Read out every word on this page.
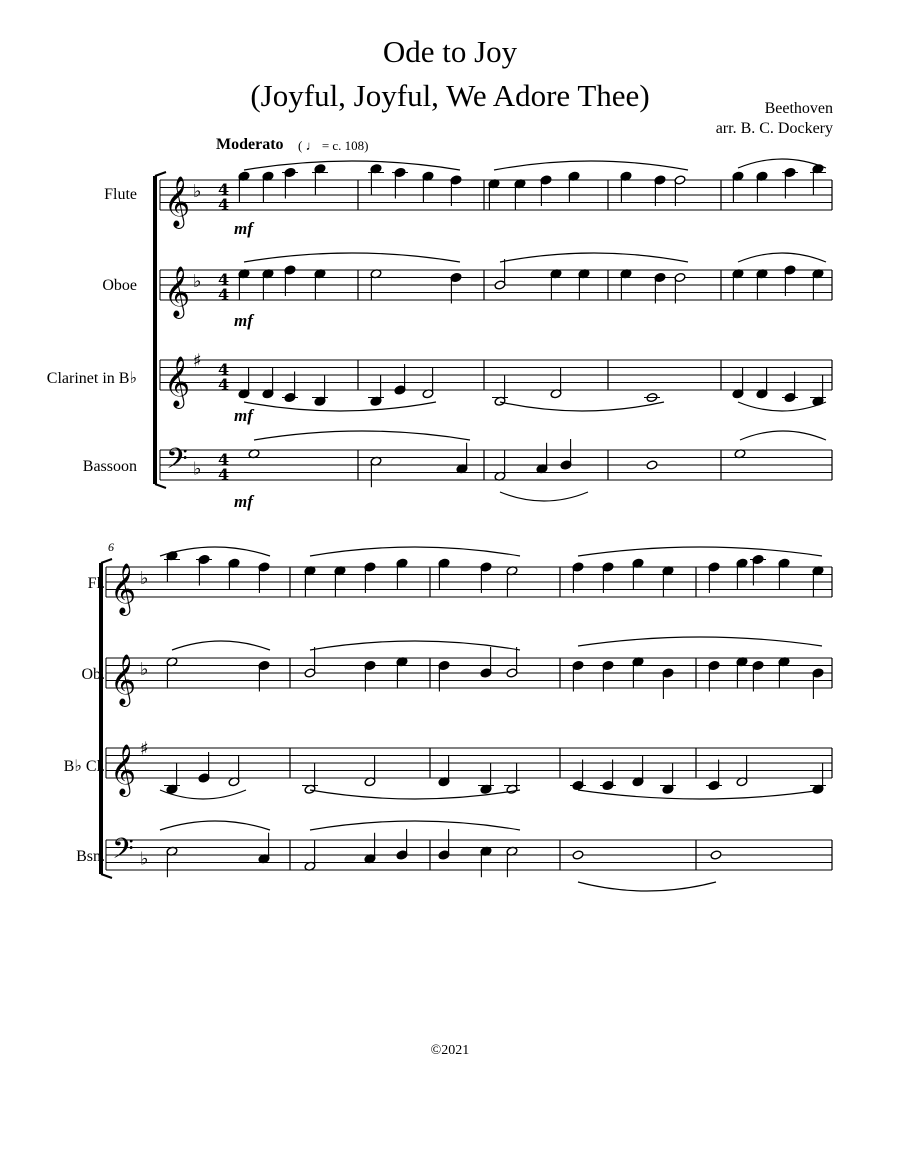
Ode to Joy
(Joyful, Joyful, We Adore Thee)	Beethoven
arr. B. C. Dockery
Moderato ( ♩ = c. 108)
Flute
Oboe
Clarinet in B♭
Bassoon
mf
mf
mf
mf
6
Fl.
Ob.
B♭ Cl.
Bsn.
©2021
𝄞 4
4
𝄞 4
4
𝄞 4
4
𝄢 4
4
♭
♭
♯
♭
𝄞
𝄞
𝄞
𝄢
♭
♭
♯
♭
